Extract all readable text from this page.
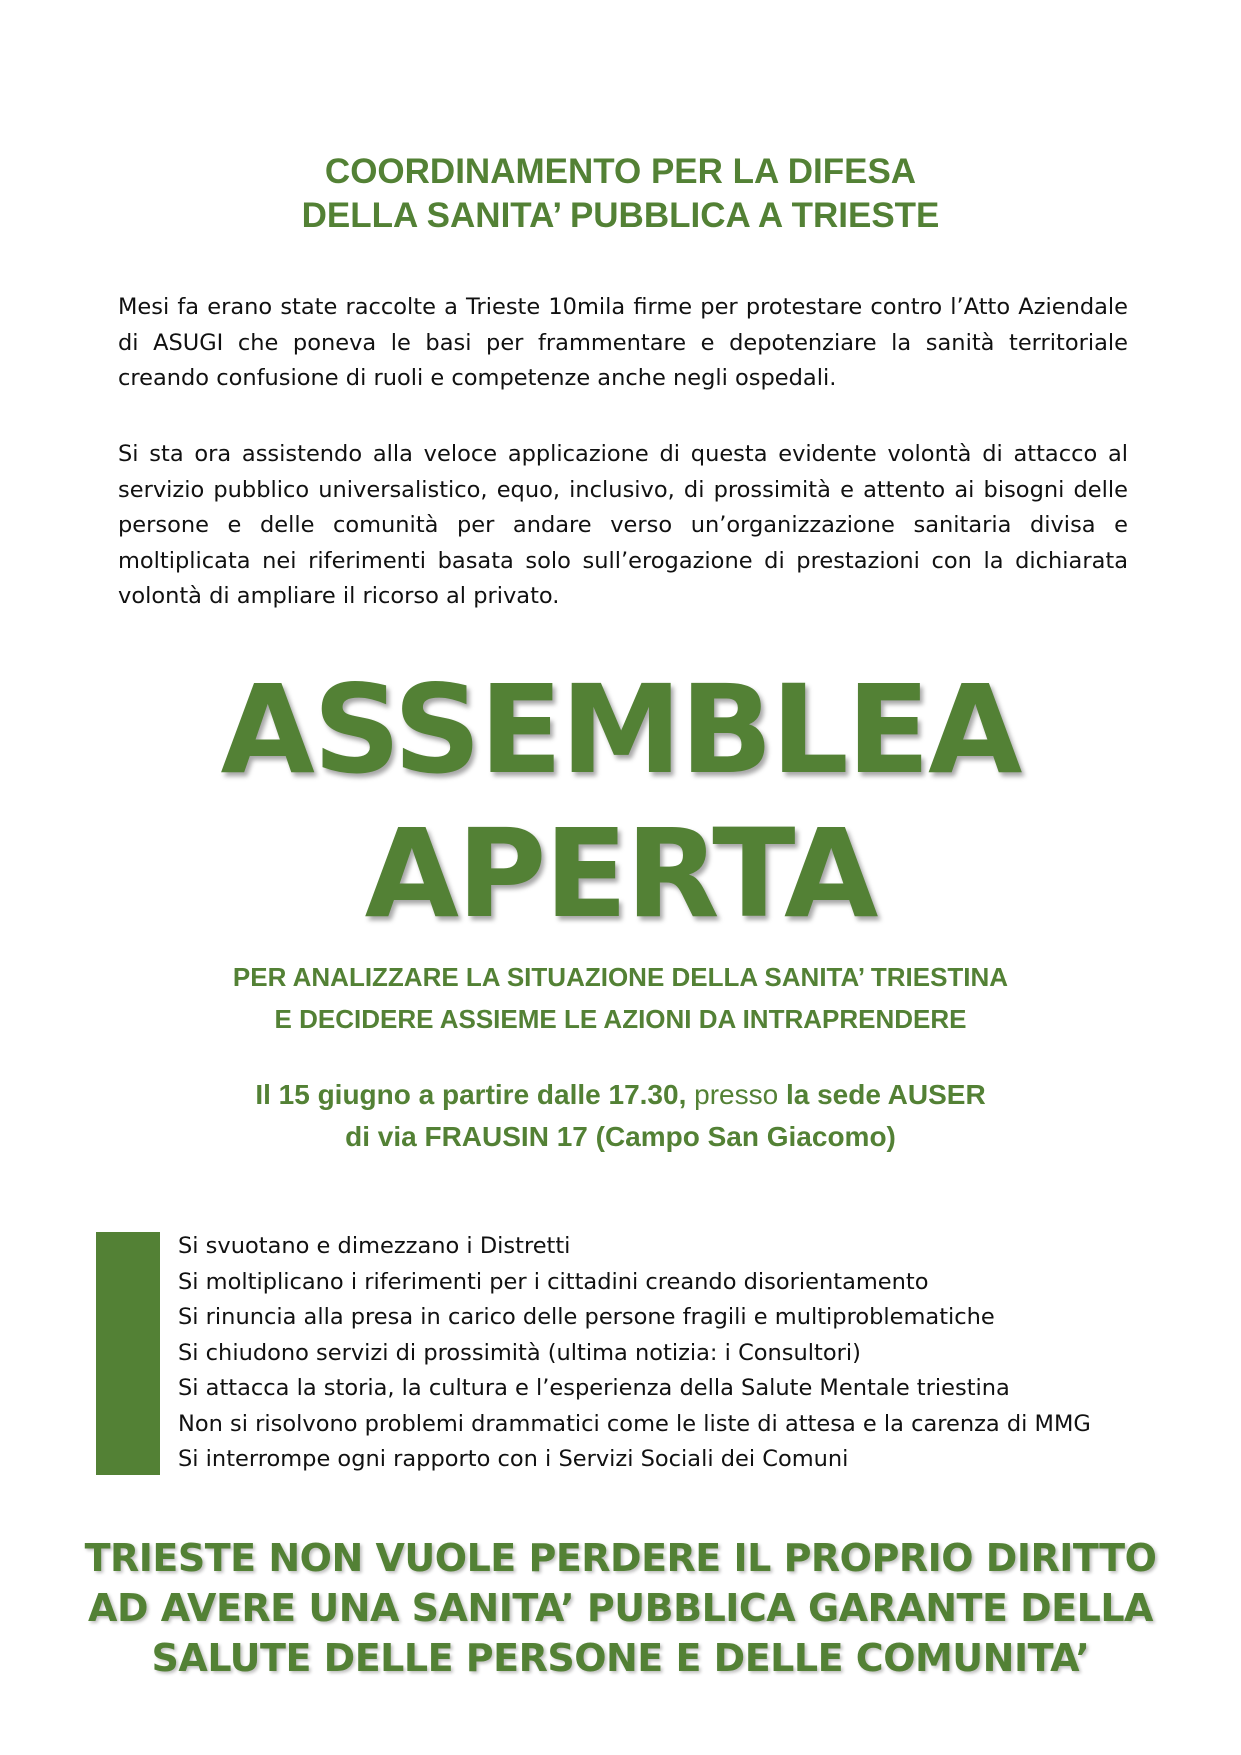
COORDINAMENTO PER LA DIFESA
DELLA SANITA’ PUBBLICA A TRIESTE
Mesi fa erano state raccolte a Trieste 10mila firme per protestare contro l’Atto Aziendale di ASUGI che poneva le basi per frammentare e depotenziare la sanità territoriale creando confusione di ruoli e competenze anche negli ospedali.
Si sta ora assistendo alla veloce applicazione di questa evidente volontà di attacco al servizio pubblico universalistico, equo, inclusivo, di prossimità e attento ai bisogni delle persone e delle comunità per andare verso un’organizzazione sanitaria divisa e moltiplicata nei riferimenti basata solo sull’erogazione di prestazioni con la dichiarata volontà di ampliare il ricorso al privato.
ASSEMBLEA
APERTA
PER ANALIZZARE LA SITUAZIONE DELLA SANITA’ TRIESTINA
E DECIDERE ASSIEME LE AZIONI DA INTRAPRENDERE
Il 15 giugno a partire dalle 17.30, presso la sede AUSER
di via FRAUSIN 17 (Campo San Giacomo)
Si svuotano e dimezzano i Distretti
Si moltiplicano i riferimenti per i cittadini creando disorientamento
Si rinuncia alla presa in carico delle persone fragili e multiproblematiche
Si chiudono servizi di prossimità (ultima notizia: i Consultori)
Si attacca la storia, la cultura e l’esperienza della Salute Mentale triestina
Non si risolvono problemi drammatici come le liste di attesa e la carenza di MMG
Si interrompe ogni rapporto con i Servizi Sociali dei Comuni
TRIESTE NON VUOLE PERDERE IL PROPRIO DIRITTO
AD AVERE UNA SANITA’ PUBBLICA GARANTE DELLA
SALUTE DELLE PERSONE E DELLE COMUNITA’
